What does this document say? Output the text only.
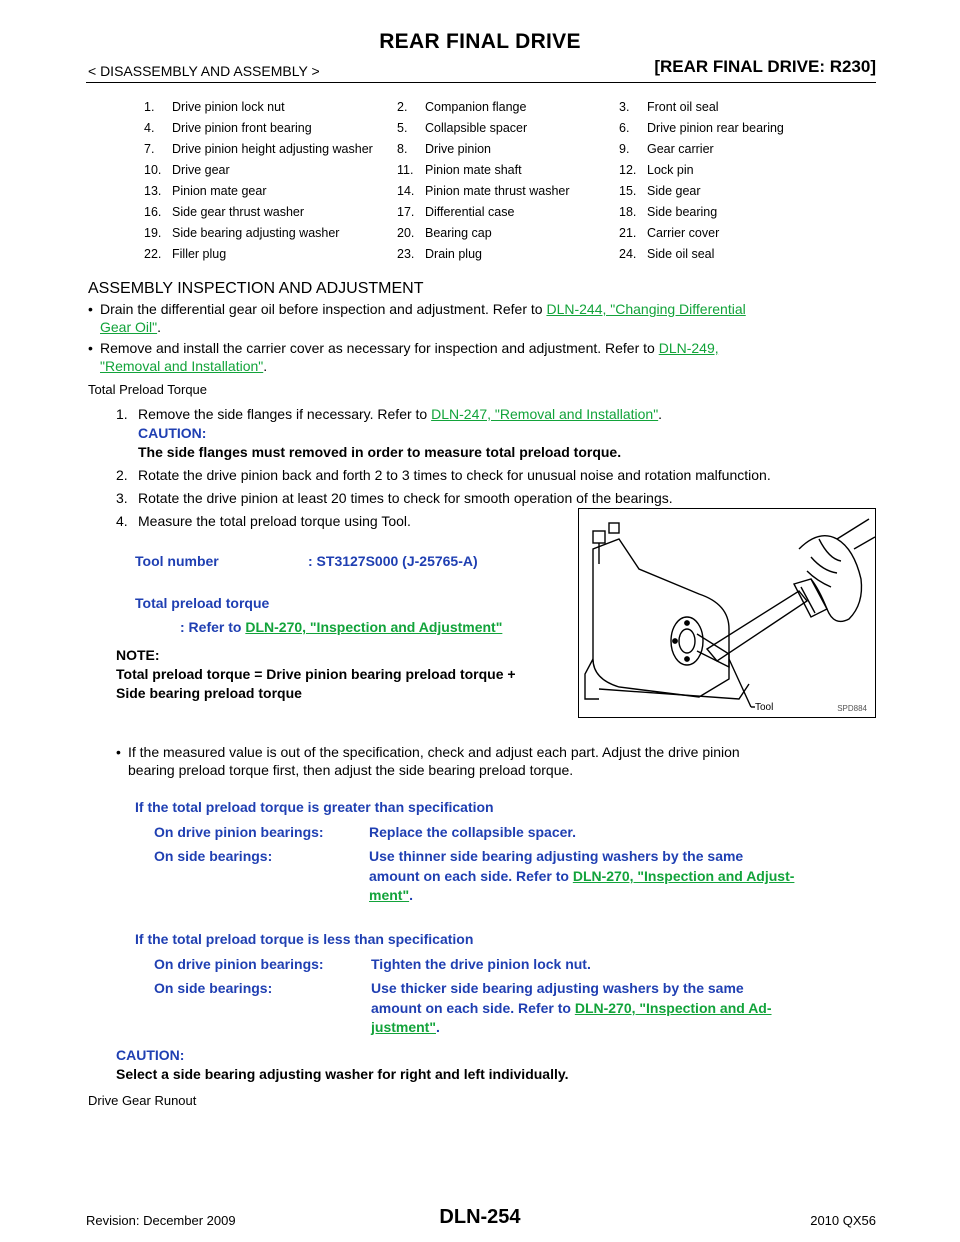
REAR FINAL DRIVE
< DISASSEMBLY AND ASSEMBLY >	[REAR FINAL DRIVE: R230]
1.	Drive pinion lock nut	2.	Companion flange	3.	Front oil seal
4.	Drive pinion front bearing	5.	Collapsible spacer	6.	Drive pinion rear bearing
7.	Drive pinion height adjusting washer	8.	Drive pinion	9.	Gear carrier
10.	Drive gear	11.	Pinion mate shaft	12.	Lock pin
13.	Pinion mate gear	14.	Pinion mate thrust washer	15.	Side gear
16.	Side gear thrust washer	17.	Differential case	18.	Side bearing
19.	Side bearing adjusting washer	20.	Bearing cap	21.	Carrier cover
22.	Filler plug	23.	Drain plug	24.	Side oil seal
ASSEMBLY INSPECTION AND ADJUSTMENT
• Drain the differential gear oil before inspection and adjustment. Refer to DLN-244, "Changing Differential
Gear Oil".
• Remove and install the carrier cover as necessary for inspection and adjustment. Refer to DLN-249,
"Removal and Installation".
Total Preload Torque
1. Remove the side flanges if necessary. Refer to DLN-247, "Removal and Installation".
CAUTION:
The side flanges must removed in order to measure total preload torque.
2. Rotate the drive pinion back and forth 2 to 3 times to check for unusual noise and rotation malfunction.
3. Rotate the drive pinion at least 20 times to check for smooth operation of the bearings.
4. Measure the total preload torque using Tool.
Tool number	: ST3127S000 (J-25765-A)
Total preload torque
: Refer to DLN-270, "Inspection and Adjustment"
NOTE:
Total preload torque = Drive pinion bearing preload torque +
Side bearing preload torque
Tool	SPD884
• If the measured value is out of the specification, check and adjust each part. Adjust the drive pinion
bearing preload torque first, then adjust the side bearing preload torque.
If the total preload torque is greater than specification
On drive pinion bearings:	Replace the collapsible spacer.
On side bearings:	Use thinner side bearing adjusting washers by the same
amount on each side. Refer to DLN-270, "Inspection and Adjust-
ment".
If the total preload torque is less than specification
On drive pinion bearings:	Tighten the drive pinion lock nut.
On side bearings:	Use thicker side bearing adjusting washers by the same
amount on each side. Refer to DLN-270, "Inspection and Ad-
justment".
CAUTION:
Select a side bearing adjusting washer for right and left individually.
Drive Gear Runout
Revision: December 2009	DLN-254	2010 QX56
